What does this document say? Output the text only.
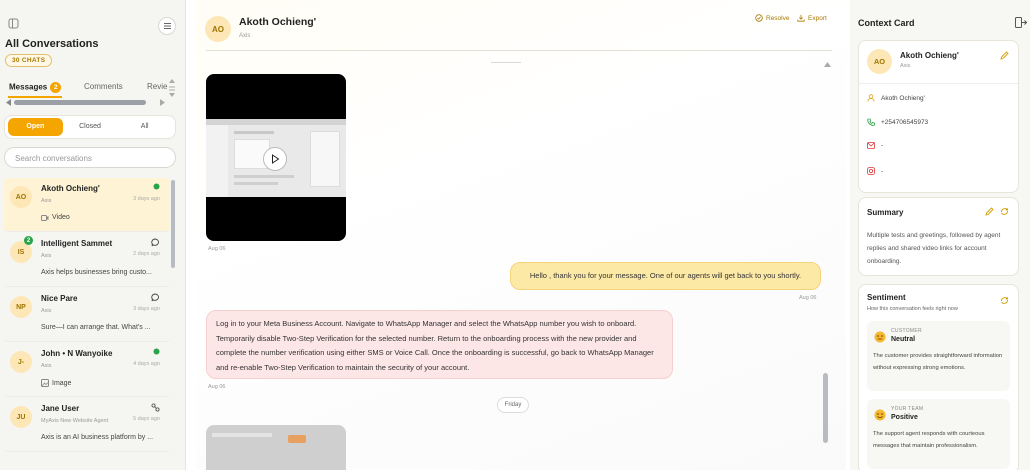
All Conversations
30 CHATS
Messages 2	Comments	Revie
Open	Closed	All
Search conversations
AO
Akoth Ochieng'
Axis	3 days ago
Video
IS
2	Intelligent Sammet
Axis	2 days ago
Axis helps businesses bring custo...
NP
Nice Pare
Axis	3 days ago
Sure—I can arrange that. What's ...
J-
John • N Wanyoike
Axis	4 days ago
Image
JU
Jane User
MyAxis New Website Agent	5 days ago
Axis is an AI business platform by ...
AO
Akoth Ochieng'
Axis
Resolve	Export
Aug 06
Hello , thank you for your message. One of our agents will get back to you shortly.
Aug 06
Log in to your Meta Business Account. Navigate to WhatsApp Manager and select the WhatsApp number you wish to onboard. Temporarily disable Two-Step Verification for the selected number. Return to the onboarding process with the new provider and complete the number verification using either SMS or Voice Call. Once the onboarding is successful, go back to WhatsApp Manager and re-enable Two-Step Verification to maintain the security of your account.
Aug 06
Friday
Context Card
AO
Akoth Ochieng'
Axis
Akoth Ochieng'
+254706545973
-
-
Summary
Multiple tests and greetings, followed by agent replies and shared video links for account onboarding.
Sentiment
How this conversation feels right now
CUSTOMER
Neutral
The customer provides straightforward information without expressing strong emotions.
YOUR TEAM
Positive
The support agent responds with courteous messages that maintain professionalism.
